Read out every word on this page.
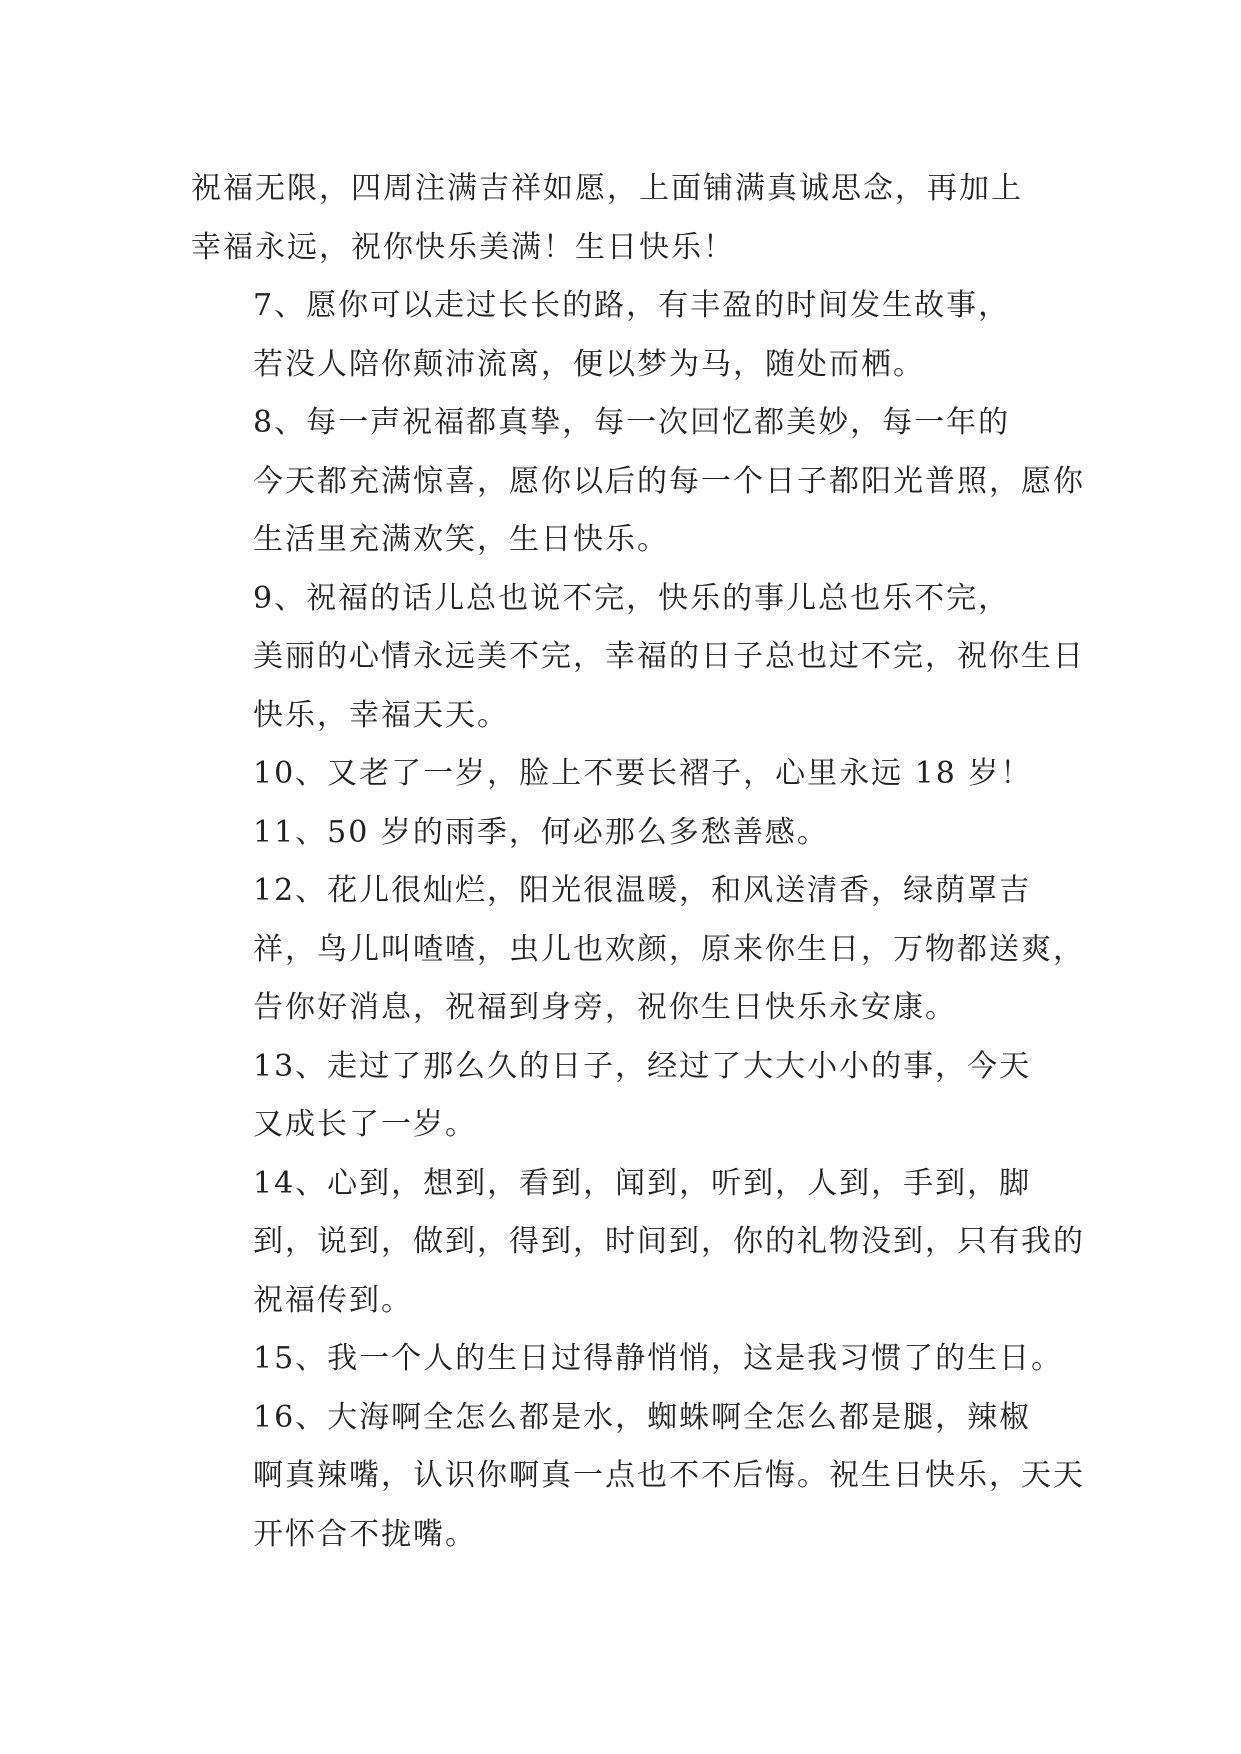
祝福无限，四周注满吉祥如愿，上面铺满真诚思念，再加上
幸福永远，祝你快乐美满！生日快乐！

7、愿你可以走过长长的路，有丰盈的时间发生故事，
若没人陪你颠沛流离，便以梦为马，随处而栖。

8、每一声祝福都真挚，每一次回忆都美妙，每一年的
今天都充满惊喜，愿你以后的每一个日子都阳光普照，愿你
生活里充满欢笑，生日快乐。

9、祝福的话儿总也说不完，快乐的事儿总也乐不完，
美丽的心情永远美不完，幸福的日子总也过不完，祝你生日
快乐，幸福天天。

10、又老了一岁，脸上不要长褶子，心里永远 18 岁！

11、50 岁的雨季，何必那么多愁善感。

12、花儿很灿烂，阳光很温暖，和风送清香，绿荫罩吉
祥，鸟儿叫喳喳，虫儿也欢颜，原来你生日，万物都送爽，
告你好消息，祝福到身旁，祝你生日快乐永安康。

13、走过了那么久的日子，经过了大大小小的事，今天
又成长了一岁。

14、心到，想到，看到，闻到，听到，人到，手到，脚
到，说到，做到，得到，时间到，你的礼物没到，只有我的
祝福传到。

15、我一个人的生日过得静悄悄，这是我习惯了的生日。

16、大海啊全怎么都是水，蜘蛛啊全怎么都是腿，辣椒
啊真辣嘴，认识你啊真一点也不不后悔。祝生日快乐，天天
开怀合不拢嘴。
